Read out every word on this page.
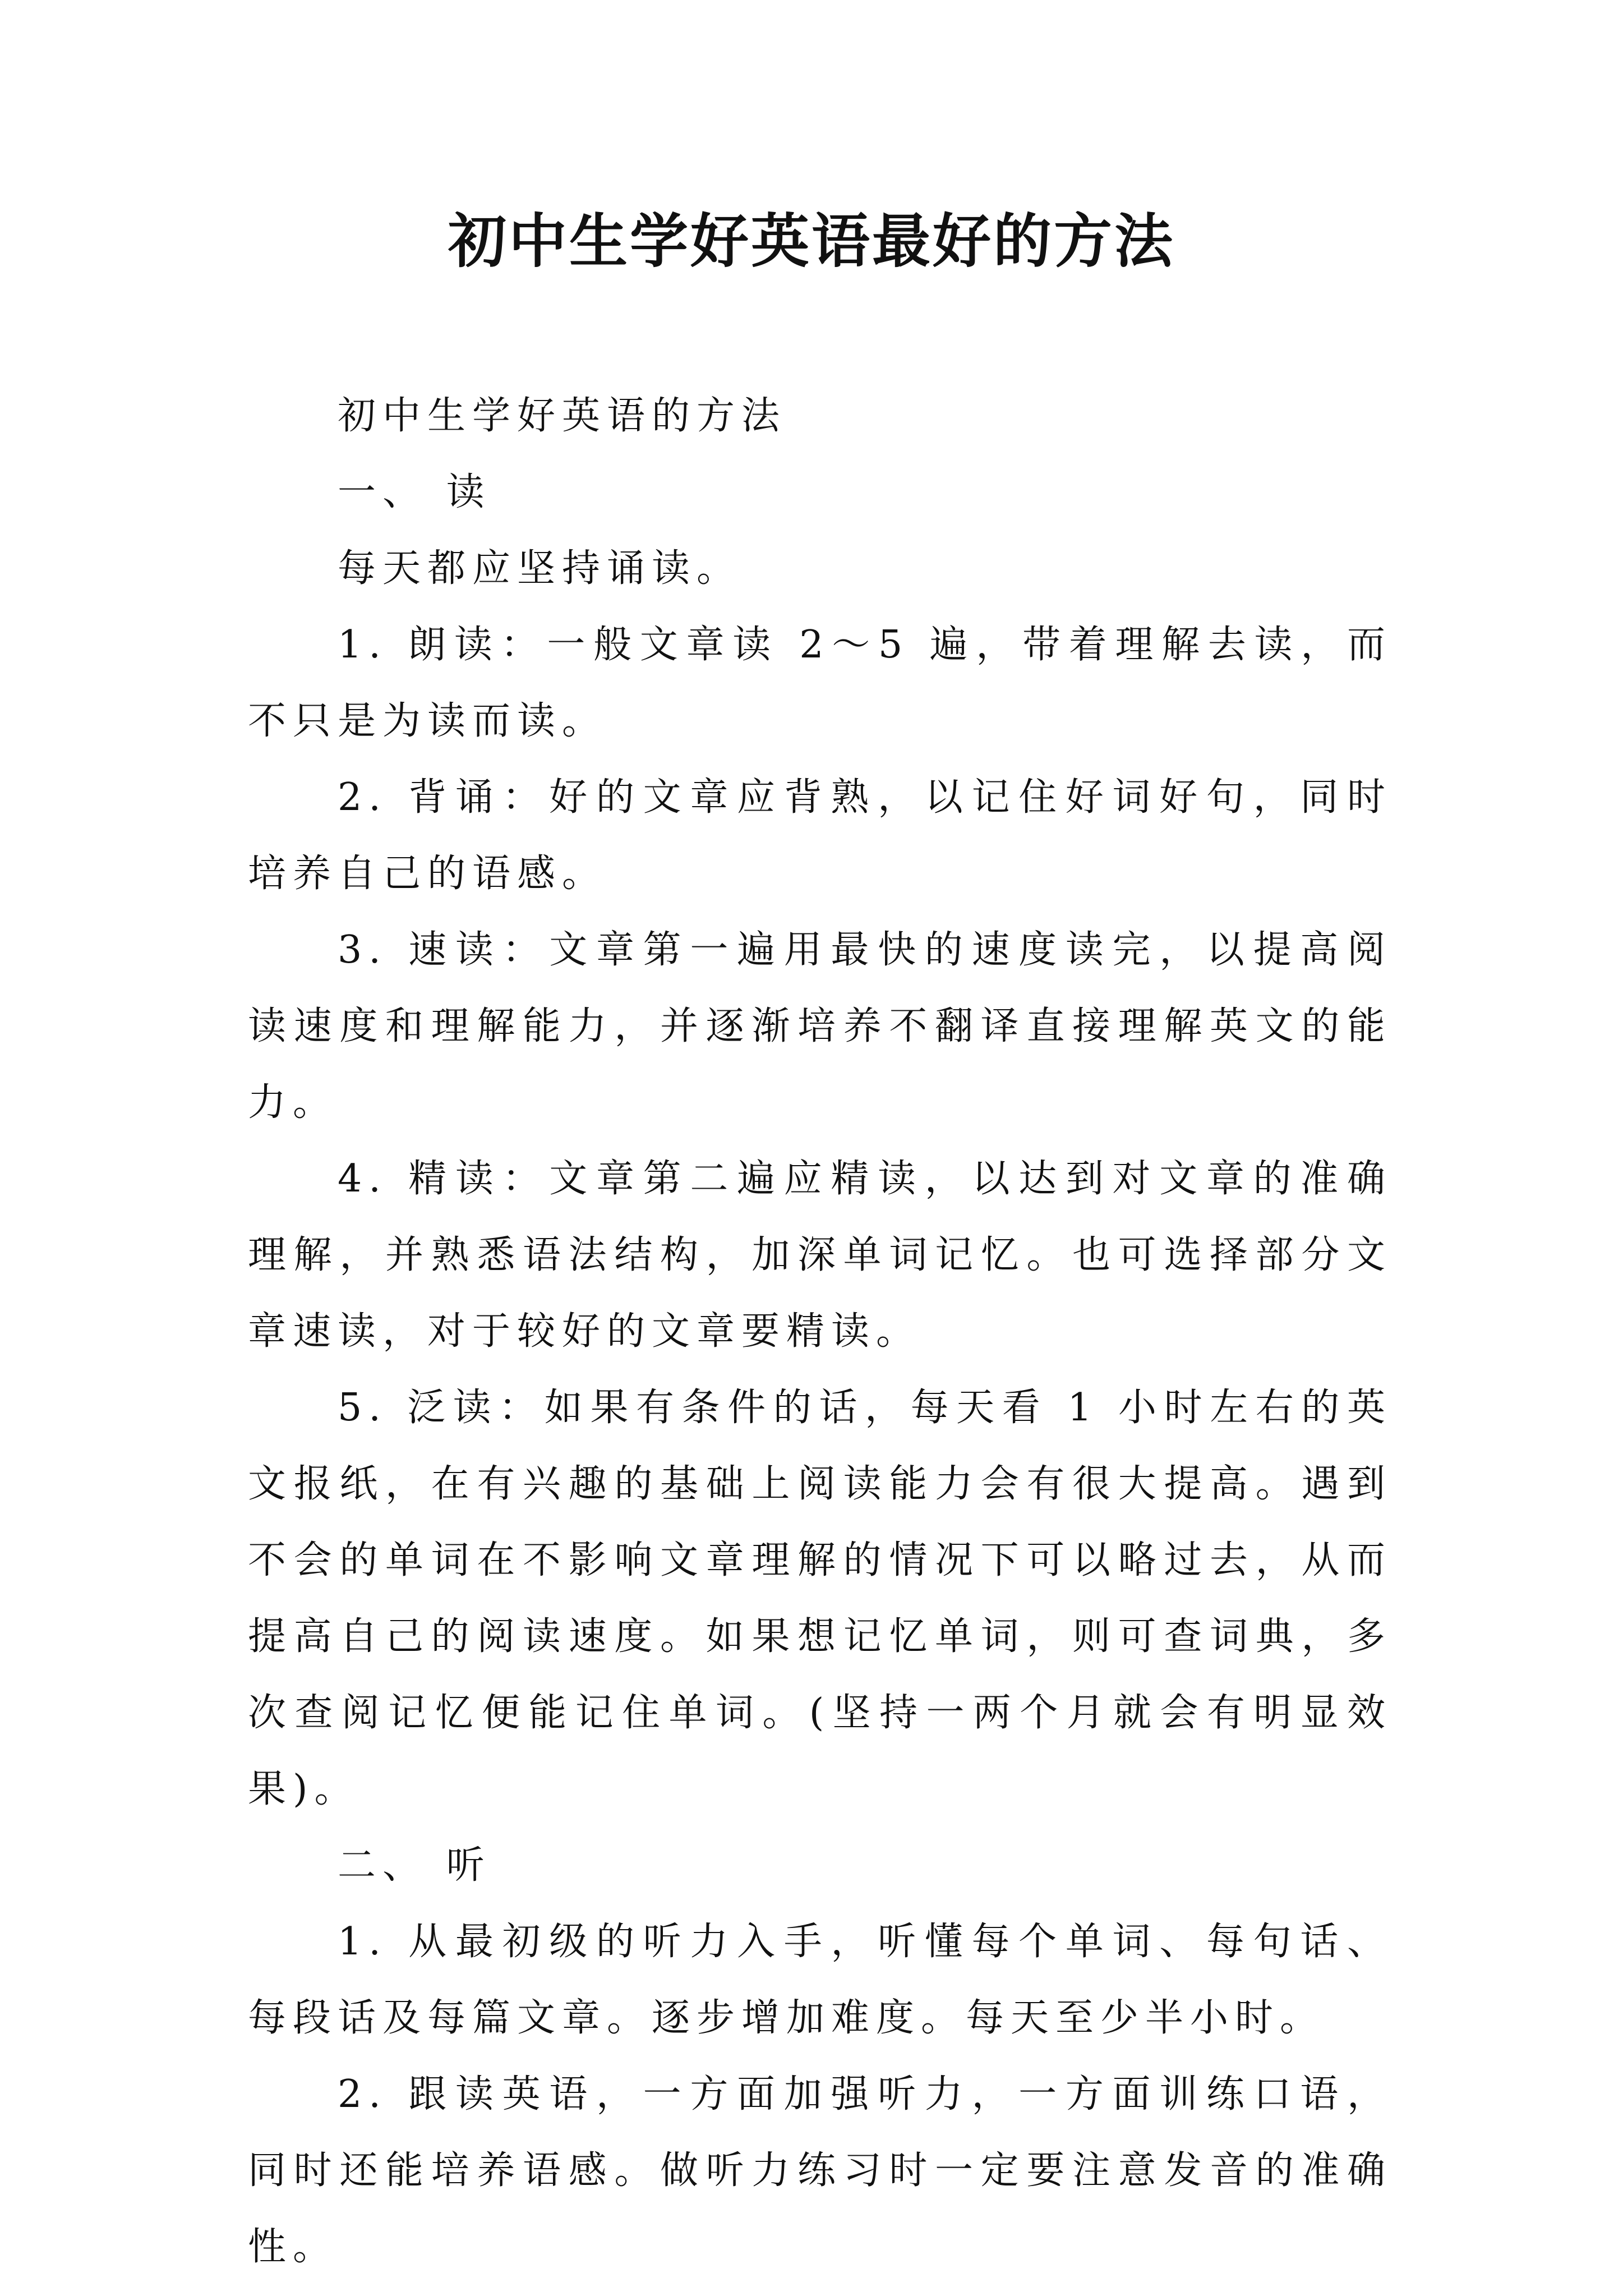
初中生学好英语最好的方法

初中生学好英语的方法

一、 读

每天都应坚持诵读。

1. 朗读：一般文章读 2～5 遍，带着理解去读，而不只是为读而读。

2. 背诵：好的文章应背熟，以记住好词好句，同时培养自己的语感。

3. 速读：文章第一遍用最快的速度读完，以提高阅读速度和理解能力，并逐渐培养不翻译直接理解英文的能力。

4. 精读：文章第二遍应精读，以达到对文章的准确理解，并熟悉语法结构，加深单词记忆。也可选择部分文章速读，对于较好的文章要精读。

5. 泛读：如果有条件的话，每天看 1 小时左右的英文报纸，在有兴趣的基础上阅读能力会有很大提高。遇到不会的单词在不影响文章理解的情况下可以略过去，从而提高自己的阅读速度。如果想记忆单词，则可查词典，多次查阅记忆便能记住单词。(坚持一两个月就会有明显效果)。

二、 听

1. 从最初级的听力入手，听懂每个单词、每句话、每段话及每篇文章。逐步增加难度。每天至少半小时。

2. 跟读英语，一方面加强听力，一方面训练口语，同时还能培养语感。做听力练习时一定要注意发音的准确性。
